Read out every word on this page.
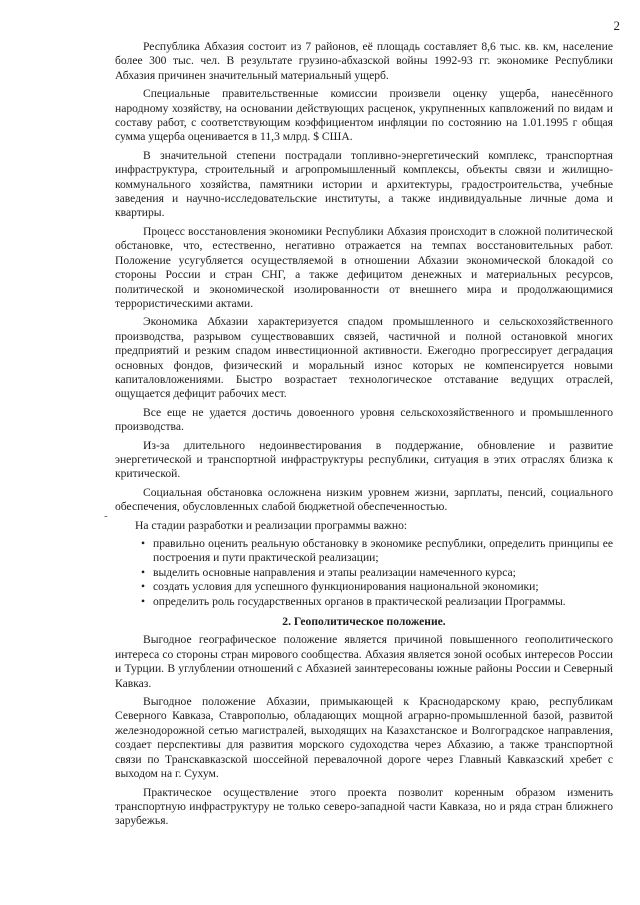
2
-

Республика Абхазия состоит из 7 районов, её площадь составляет 8,6 тыс. кв. км, население более 300 тыс. чел. В результате грузино-абхазской войны 1992-93 гг. экономике Республики Абхазия причинен значительный материальный ущерб.

Специальные правительственные комиссии произвели оценку ущерба, нанесённого народному хозяйству, на основании действующих расценок, укрупненных капвложений по видам и составу работ, с соответствующим коэффициентом инфляции по состоянию на 1.01.1995 г общая сумма ущерба оценивается в 11,3 млрд. $ США.

В значительной степени пострадали топливно-энергетический комплекс, транспортная инфраструктура, строительный и агропромышленный комплексы, объекты связи и жилищно-коммунального хозяйства, памятники истории и архитектуры, градостроительства, учебные заведения и научно-исследовательские институты, а также индивидуальные личные дома и квартиры.

Процесс восстановления экономики Республики Абхазия происходит в сложной политической обстановке, что, естественно, негативно отражается на темпах восстановительных работ. Положение усугубляется осуществляемой в отношении Абхазии экономической блокадой со стороны России и стран СНГ, а также дефицитом денежных и материальных ресурсов, политической и экономической изолированности от внешнего мира и продолжающимися террористическими актами.

Экономика Абхазии характеризуется спадом промышленного и сельскохозяйственного производства, разрывом существовавших связей, частичной и полной остановкой многих предприятий и резким спадом инвестиционной активности. Ежегодно прогрессирует деградация основных фондов, физический и моральный износ которых не компенсируется новыми капиталовложениями. Быстро возрастает технологическое отставание ведущих отраслей, ощущается дефицит рабочих мест.

Все еще не удается достичь довоенного уровня сельскохозяйственного и промышленного производства.

Из-за длительного недоинвестирования в поддержание, обновление и развитие энергетической и транспортной инфраструктуры республики, ситуация в этих отраслях близка к критической.

Социальная обстановка осложнена низким уровнем жизни, зарплаты, пенсий, социального обеспечения, обусловленных слабой бюджетной обеспеченностью.

На стадии разработки и реализации программы важно:

• правильно оценить реальную обстановку в экономике республики, определить принципы ее построения и пути практической реализации;
• выделить основные направления и этапы реализации намеченного курса;
• создать условия для успешного функционирования национальной экономики;
• определить роль государственных органов в практической реализации Программы.

2. Геополитическое положение.

Выгодное географическое положение является причиной повышенного геополитического интереса со стороны стран мирового сообщества. Абхазия является зоной особых интересов России и Турции. В углублении отношений с Абхазией заинтересованы южные районы России и Северный Кавказ.

Выгодное положение Абхазии, примыкающей к Краснодарскому краю, республикам Северного Кавказа, Ставрополью, обладающих мощной аграрно-промышленной базой, развитой железнодорожной сетью магистралей, выходящих на Казахстанское и Волгоградское направления, создает перспективы для развития морского судоходства через Абхазию, а также транспортной связи по Транскавказской шоссейной перевалочной дороге через Главный Кавказский хребет с выходом на г. Сухум.

Практическое осуществление этого проекта позволит коренным образом изменить транспортную инфраструктуру не только северо-западной части Кавказа, но и ряда стран ближнего зарубежья.
